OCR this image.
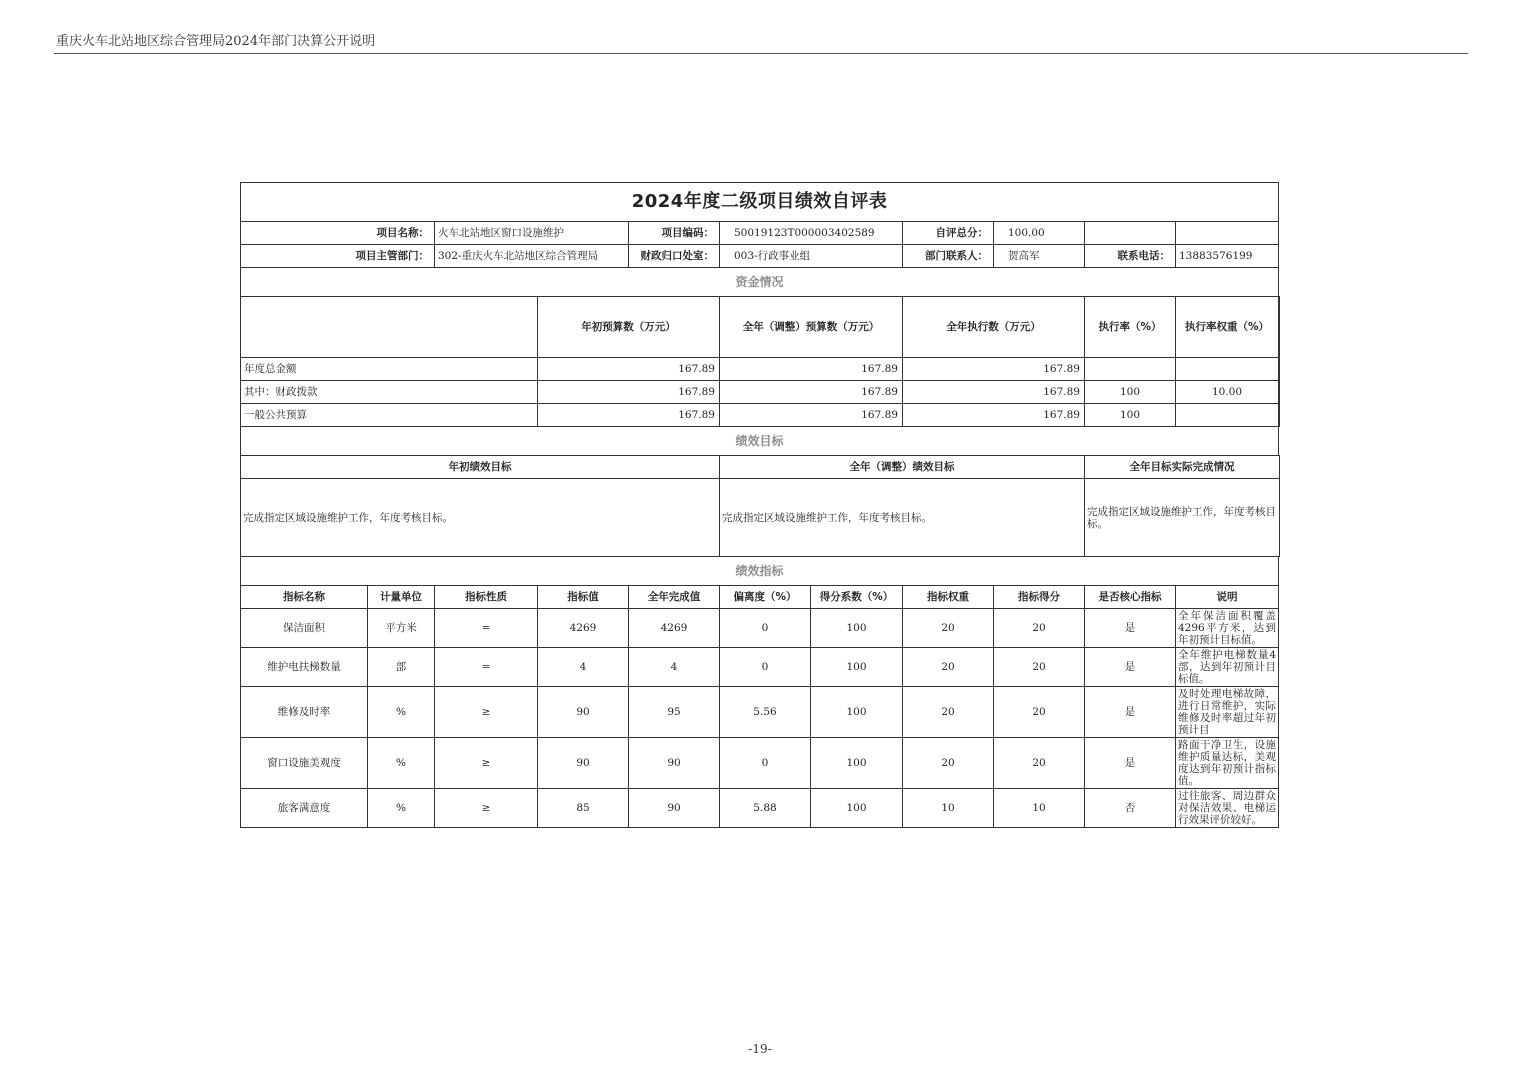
重庆火车北站地区综合管理局2024年部门决算公开说明
2024年度二级项目绩效自评表											
项目名称：		火车北站地区窗口设施维护		项目编码：	50019123T000003402589		自评总分：	100.00			
项目主管部门：		302-重庆火车北站地区综合管理局		财政归口处室：	003-行政事业组		部门联系人：	贺高军	联系电话：	13883576199	
资金情况											
			年初预算数（万元）		全年（调整）预算数（万元）		全年执行数（万元）		执行率（%）	执行率权重（%）	
年度总金额			167.89		167.89		167.89				
其中：财政拨款			167.89		167.89		167.89		100	10.00	
一般公共预算			167.89		167.89		167.89		100		
绩效目标											
年初绩效目标					全年（调整）绩效目标				全年目标实际完成情况		
完成指定区域设施维护工作，年度考核目标。					完成指定区域设施维护工作，年度考核目标。				完成指定区域设施维护工作，年度考核目标。		
绩效指标											
指标名称	计量单位	指标性质	指标值	全年完成值	偏离度（%）	得分系数（%）	指标权重	指标得分	是否核心指标	说明	
保洁面积	平方米	=	4269	4269	0	100	20	20	是	全年保洁面积覆盖4296平方米，达到年初预计目标值。	
维护电扶梯数量	部	=	4	4	0	100	20	20	是	全年维护电梯数量4部，达到年初预计目标值。	
维修及时率	%	≥	90	95	5.56	100	20	20	是	及时处理电梯故障，进行日常维护，实际维修及时率超过年初预计目	
窗口设施美观度	%	≥	90	90	0	100	20	20	是	路面干净卫生，设施维护质量达标，美观度达到年初预计指标值。	
旅客满意度	%	≥	85	90	5.88	100	10	10	否	过往旅客、周边群众对保洁效果、电梯运行效果评价较好。	
-19-
